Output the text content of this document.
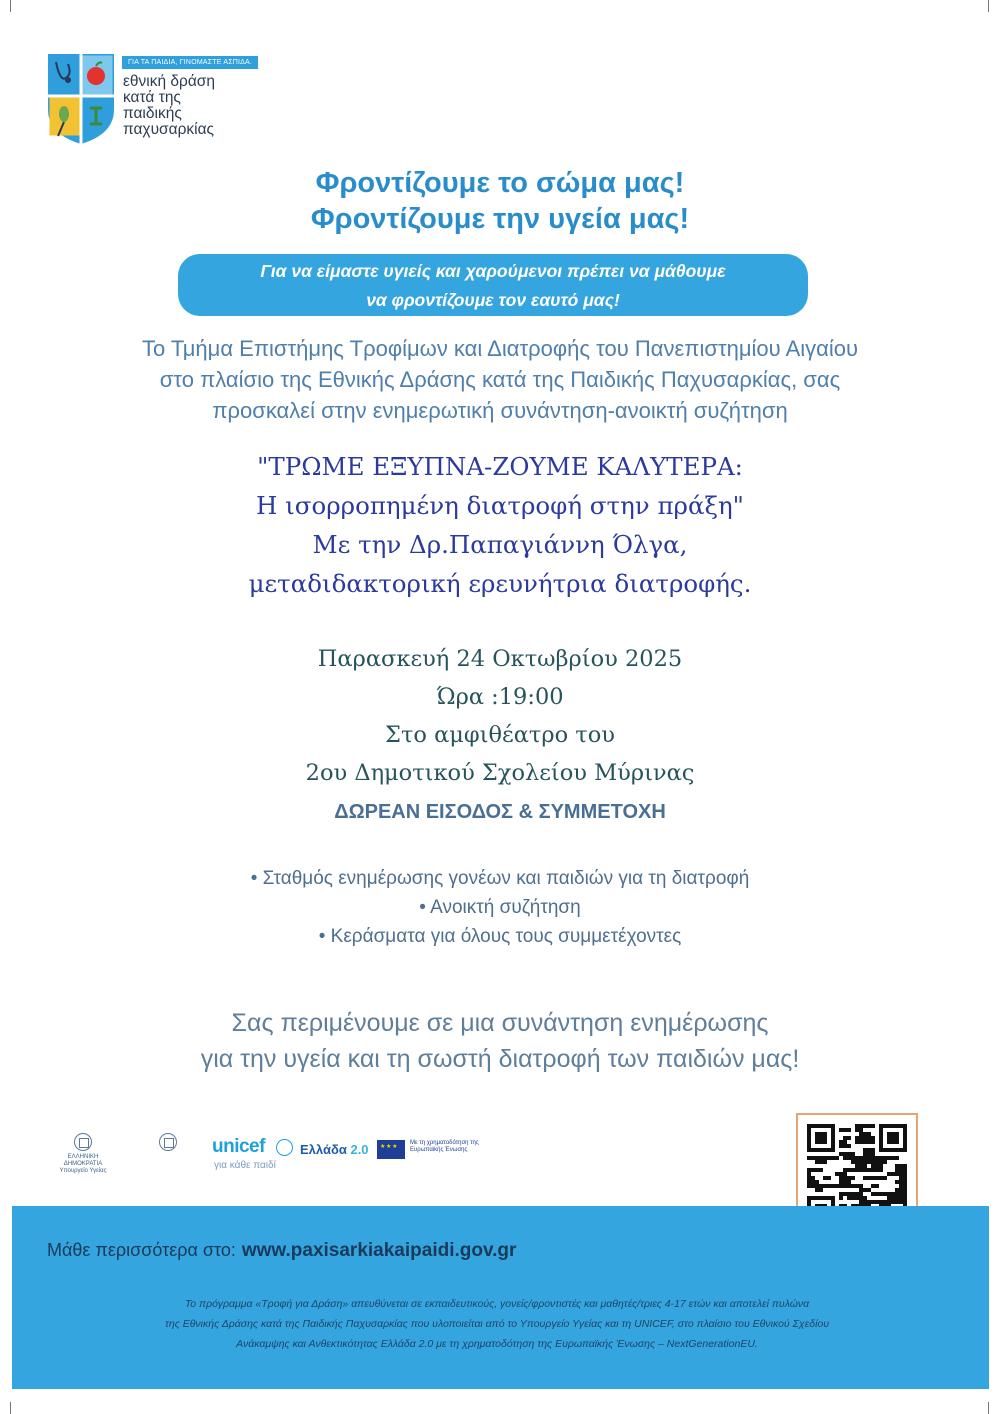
ΓΙΑ ΤΑ ΠΑΙΔΙΑ, ΓΙΝΟΜΑΣΤΕ ΑΣΠΙΔΑ.
εθνική δράση
κατά της
παιδικής
παχυσαρκίας
Φροντίζουμε το σώμα μας!
Φροντίζουμε την υγεία μας!
Για να είμαστε υγιείς και χαρούμενοι πρέπει να μάθουμε
να φροντίζουμε τον εαυτό μας!
Το Τμήμα Επιστήμης Τροφίμων και Διατροφής του Πανεπιστημίου Αιγαίου
στο πλαίσιο της Εθνικής Δράσης κατά της Παιδικής Παχυσαρκίας, σας
προσκαλεί στην ενημερωτική συνάντηση-ανοικτή συζήτηση
"ΤΡΩΜΕ ΕΞΥΠΝΑ-ΖΟΥΜΕ ΚΑΛΥΤΕΡΑ:
Η ισορροπημένη διατροφή στην πράξη"
Με την Δρ.Παπαγιάννη Όλγα,
μεταδιδακτορική ερευνήτρια διατροφής.
Παρασκευή 24 Οκτωβρίου 2025
Ώρα :19:00
Στο αμφιθέατρο του
2ου Δημοτικού Σχολείου Μύρινας
ΔΩΡΕΑΝ ΕΙΣΟΔΟΣ & ΣΥΜΜΕΤΟΧΗ
• Σταθμός ενημέρωσης γονέων και παιδιών για τη διατροφή
• Ανοικτή συζήτηση
• Κεράσματα για όλους τους συμμετέχοντες
Σας περιμένουμε σε μια συνάντηση ενημέρωσης
για την υγεία και τη σωστή διατροφή των παιδιών μας!
ΕΛΛΗΝΙΚΗ ΔΗΜΟΚΡΑΤΙΑ
Υπουργείο Υγείας
unicef
για κάθε παιδί
Ελλάδα 2.0
★ ★ ★	Με τη χρηματοδότηση της Ευρωπαϊκής Ένωσης
Μάθε περισσότερα στο: www.paxisarkiakaipaidi.gov.gr
Το πρόγραμμα «Τροφή για Δράση» απευθύνεται σε εκπαιδευτικούς, γονείς/φροντιστές και μαθητές/τριες 4-17 ετών και αποτελεί πυλώνα
της Εθνικής Δράσης κατά της Παιδικής Παχυσαρκίας που υλοποιείται από το Υπουργείο Υγείας και τη UNICEF, στο πλαίσιο του Εθνικού Σχεδίου
Ανάκαμψης και Ανθεκτικότητας Ελλάδα 2.0 με τη χρηματοδότηση της Ευρωπαϊκής Ένωσης – NextGenerationEU.
